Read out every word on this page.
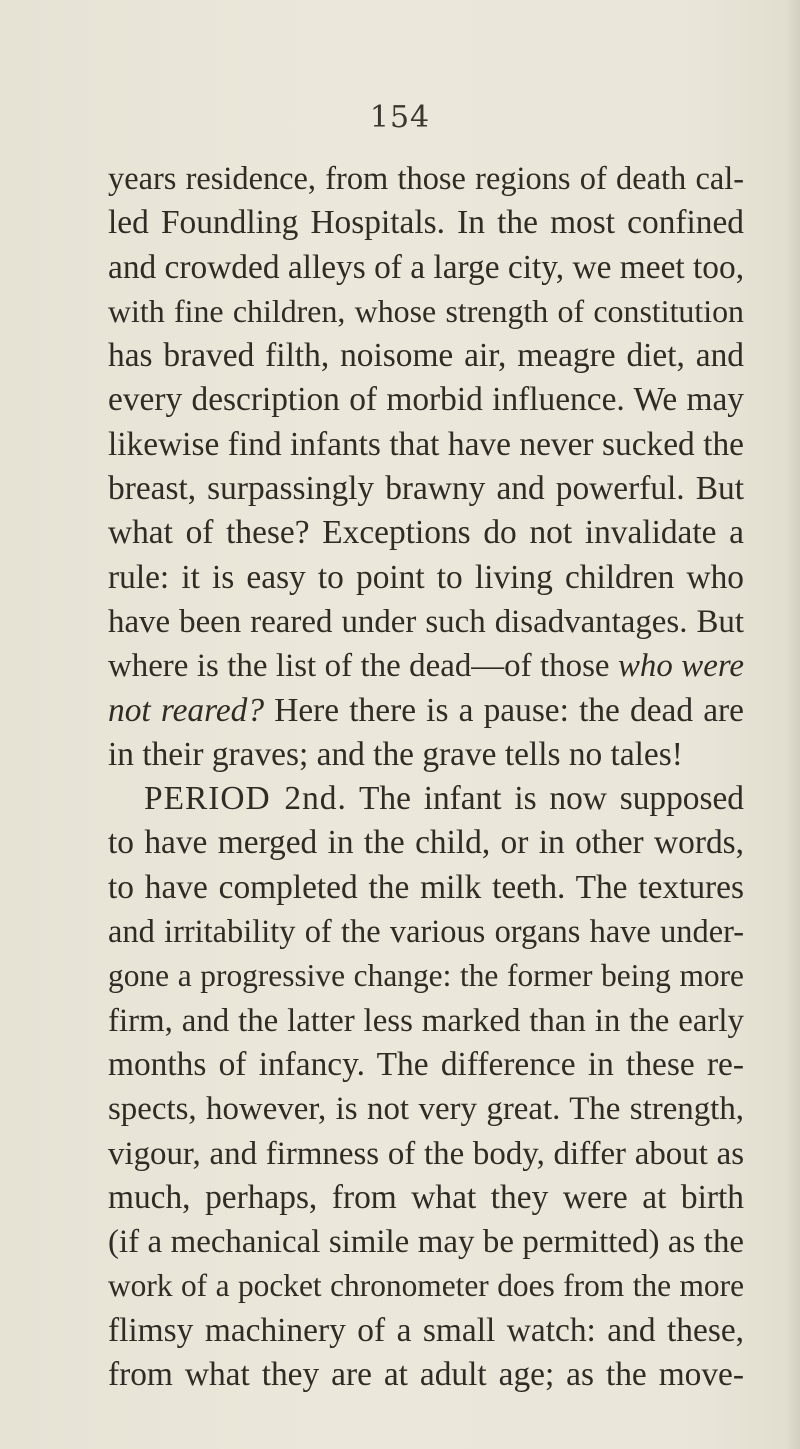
154
years residence, from those regions of death cal-
led Foundling Hospitals. In the most confined
and crowded alleys of a large city, we meet too,
with fine children, whose strength of constitution
has braved filth, noisome air, meagre diet, and
every description of morbid influence. We may
likewise find infants that have never sucked the
breast, surpassingly brawny and powerful. But
what of these? Exceptions do not invalidate a
rule: it is easy to point to living children who
have been reared under such disadvantages. But
where is the list of the dead—of those who were
not reared? Here there is a pause: the dead are
in their graves; and the grave tells no tales!
PERIOD 2nd. The infant is now supposed
to have merged in the child, or in other words,
to have completed the milk teeth. The textures
and irritability of the various organs have under-
gone a progressive change: the former being more
firm, and the latter less marked than in the early
months of infancy. The difference in these re-
spects, however, is not very great. The strength,
vigour, and firmness of the body, differ about as
much, perhaps, from what they were at birth
(if a mechanical simile may be permitted) as the
work of a pocket chronometer does from the more
flimsy machinery of a small watch: and these,
from what they are at adult age; as the move-
